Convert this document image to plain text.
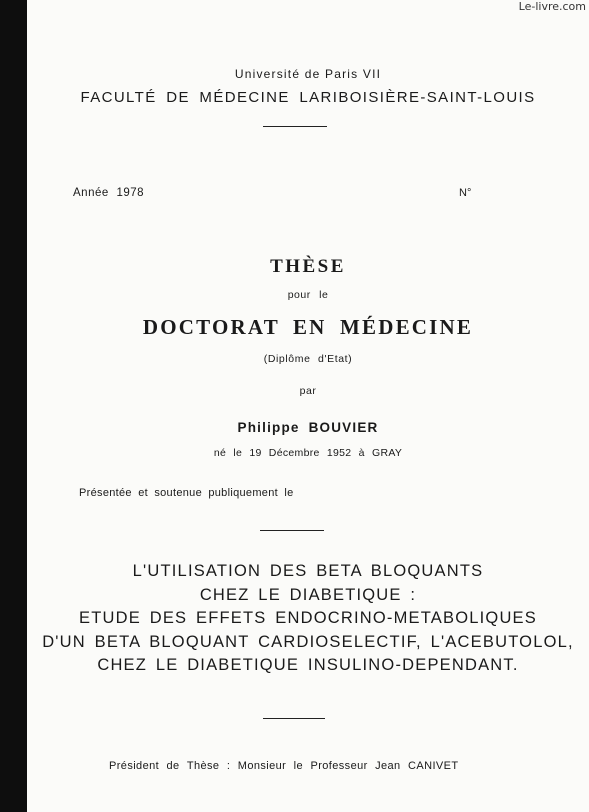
Le-livre.com
Université de Paris VII
FACULTÉ DE MÉDECINE LARIBOISIÈRE-SAINT-LOUIS
Année 1978	N°
THÈSE
pour le
DOCTORAT EN MÉDECINE
(Diplôme d'Etat)
par
Philippe BOUVIER
né le 19 Décembre 1952 à GRAY
Présentée et soutenue publiquement le
L'UTILISATION DES BETA BLOQUANTS
CHEZ LE DIABETIQUE :
ETUDE DES EFFETS ENDOCRINO-METABOLIQUES
D'UN BETA BLOQUANT CARDIOSELECTIF, L'ACEBUTOLOL,
CHEZ LE DIABETIQUE INSULINO-DEPENDANT.
Président de Thèse : Monsieur le Professeur Jean CANIVET
